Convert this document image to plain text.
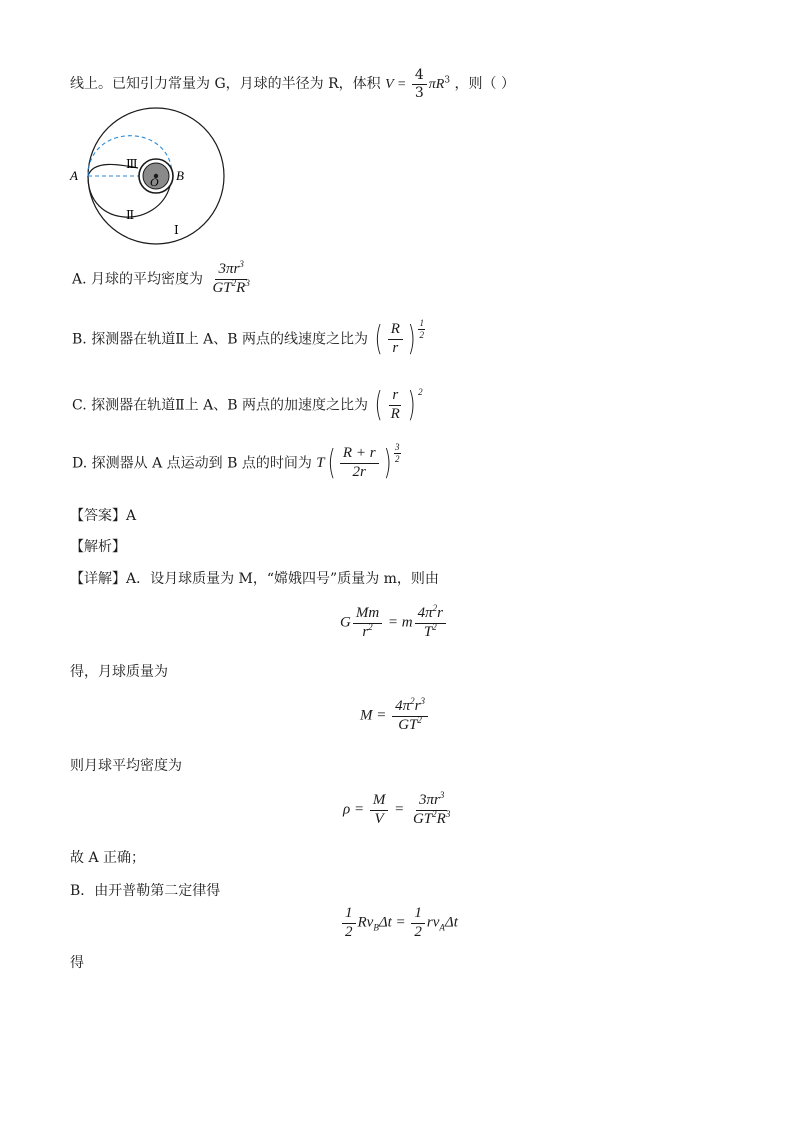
线上。已知引力常量为 G，月球的半径为 R，体积 $V = \frac{4}{3} \pi R^3$ ，则（ ）
A	B
O
Ⅲ
Ⅱ
Ⅰ
A. 月球的平均密度为 $\frac{3\pi r^3}{GT^2R^3}$
B. 探测器在轨道Ⅱ上 A、B 两点的线速度之比为 ( $\frac{R}{r}$ ) 1
2
C. 探测器在轨道Ⅱ上 A、B 两点的加速度之比为 ( $\frac{r}{R}$ ) 2
D. 探测器从 A 点运动到 B 点的时间为 T ( $\frac{R + r}{2r}$ ) 3
2
【答案】A
【解析】
【详解】A．设月球质量为 M，“嫦娥四号”质量为 m，则由
G $\frac{Mm}{r^2} = m \frac{4\pi^2r}{T^2}$
得，月球质量为
$M = \frac{4\pi^2r^3}{GT^2}$
则月球平均密度为
$\rho = \frac{M}{V} = \frac{3\pi r^3}{GT^2R^3}$
故 A 正确；
B．由开普勒第二定律得
$\frac{1}{2} Rv_B\Delta t = \frac{1}{2} rv_A\Delta t$
得
